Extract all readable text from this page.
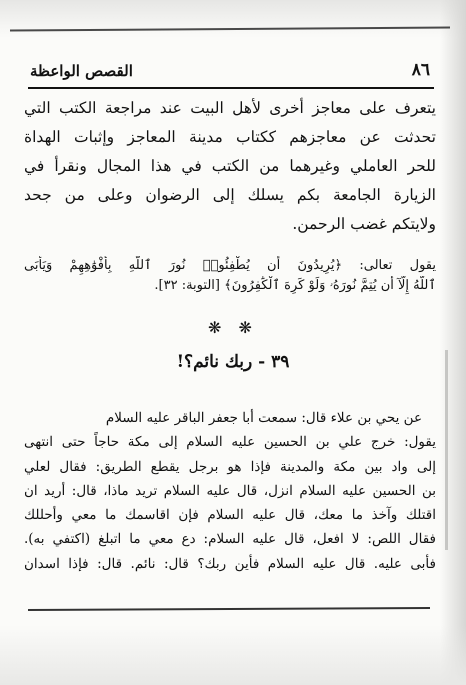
٨٦
القصص الواعظة
يتعرف على معاجز أخرى لأهل البيت عند مراجعة الكتب التي
تحدثت عن معاجزهم ككتاب مدينة المعاجز وإثبات الهداة
للحر العاملي وغيرهما من الكتب في هذا المجال ونقرأ في
الزيارة الجامعة بكم يسلك إلى الرضوان وعلى من جحد
ولايتكم غضب الرحمن.
يقول تعالى: ﴿يُرِيدُونَ أَن يُطْفِئُوا۟ نُورَ ٱللَّهِ بِأَفْوَٰهِهِمْ وَيَأْبَى
ٱللَّهُ إِلَّآ أَن يُتِمَّ نُورَهُۥ وَلَوْ كَرِهَ ٱلْكَٰفِرُونَ﴾ [التوبة: ٣٢].
❋ ❋
٣٩ - ربك نائم؟!
عن يحي بن علاء قال: سمعت أبا جعفر الباقر عليه السلام
يقول: خرج علي بن الحسين عليه السلام إلى مكة حاجاً حتى انتهى
إلى واد بين مكة والمدينة فإذا هو برجل يقطع الطريق: فقال لعلي
بن الحسين عليه السلام انزل، قال عليه السلام تريد ماذا، قال: أريد ان
اقتلك وآخذ ما معك، قال عليه السلام فإن اقاسمك ما معي وأحللك
فقال اللص: لا افعل، قال عليه السلام: دع معي ما اتبلغ (اكتفي به).
فأبى عليه. قال عليه السلام فأين ربك؟ قال: نائم. قال: فإذا اسدان
